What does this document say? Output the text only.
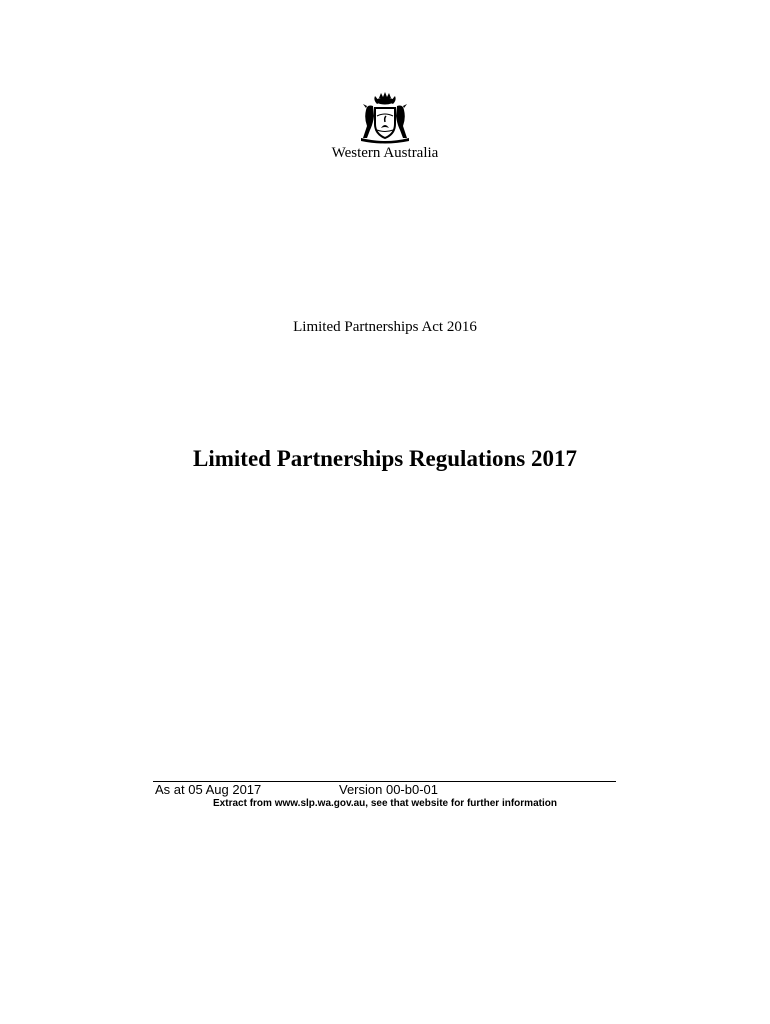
Western Australia
Limited Partnerships Act 2016
Limited Partnerships Regulations 2017
As at 05 Aug 2017	Version 00-b0-01
Extract from www.slp.wa.gov.au, see that website for further information
